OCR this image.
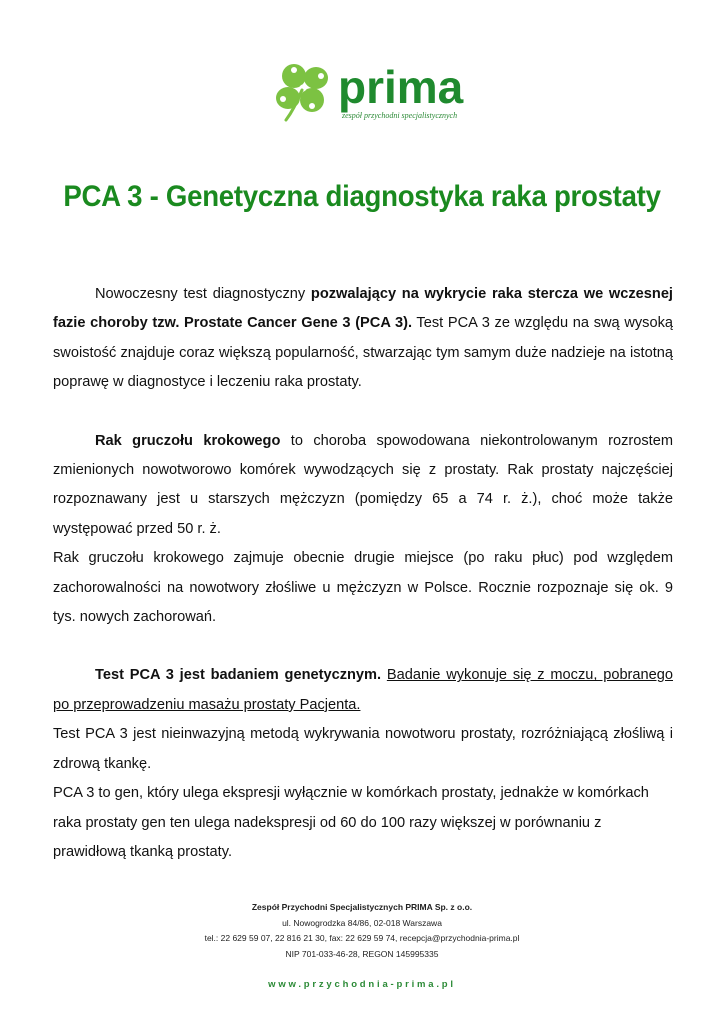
prima
zespół przychodni specjalistycznych
PCA 3 - Genetyczna diagnostyka raka prostaty

Nowoczesny test diagnostyczny pozwalający na wykrycie raka stercza we wczesnej fazie choroby tzw. Prostate Cancer Gene 3 (PCA 3). Test PCA 3 ze względu na swą wysoką swoistość znajduje coraz większą popularność, stwarzając tym samym duże nadzieje na istotną poprawę w diagnostyce i leczeniu raka prostaty.

Rak gruczołu krokowego to choroba spowodowana niekontrolowanym rozrostem zmienionych nowotworowo komórek wywodzących się z prostaty. Rak prostaty najczęściej rozpoznawany jest u starszych mężczyzn (pomiędzy 65 a 74 r. ż.), choć może także występować przed 50 r. ż.

Rak gruczołu krokowego zajmuje obecnie drugie miejsce (po raku płuc) pod względem zachorowalności na nowotwory złośliwe u mężczyzn w Polsce. Rocznie rozpoznaje się ok. 9 tys. nowych zachorowań.

Test PCA 3 jest badaniem genetycznym. Badanie wykonuje się z moczu, pobranego po przeprowadzeniu masażu prostaty Pacjenta.

Test PCA 3 jest nieinwazyjną metodą wykrywania nowotworu prostaty, rozróżniającą złośliwą i zdrową tkankę.

PCA 3 to gen, który ulega ekspresji wyłącznie w komórkach prostaty, jednakże w komórkach raka prostaty gen ten ulega nadekspresji od 60 do 100 razy większej w porównaniu z prawidłową tkanką prostaty.

Zespół Przychodni Specjalistycznych PRIMA Sp. z o.o.
ul. Nowogrodzka 84/86, 02-018 Warszawa
tel.: 22 629 59 07, 22 816 21 30, fax: 22 629 59 74, recepcja@przychodnia-prima.pl
NIP 701-033-46-28, REGON 145995335
www.przychodnia-prima.pl
